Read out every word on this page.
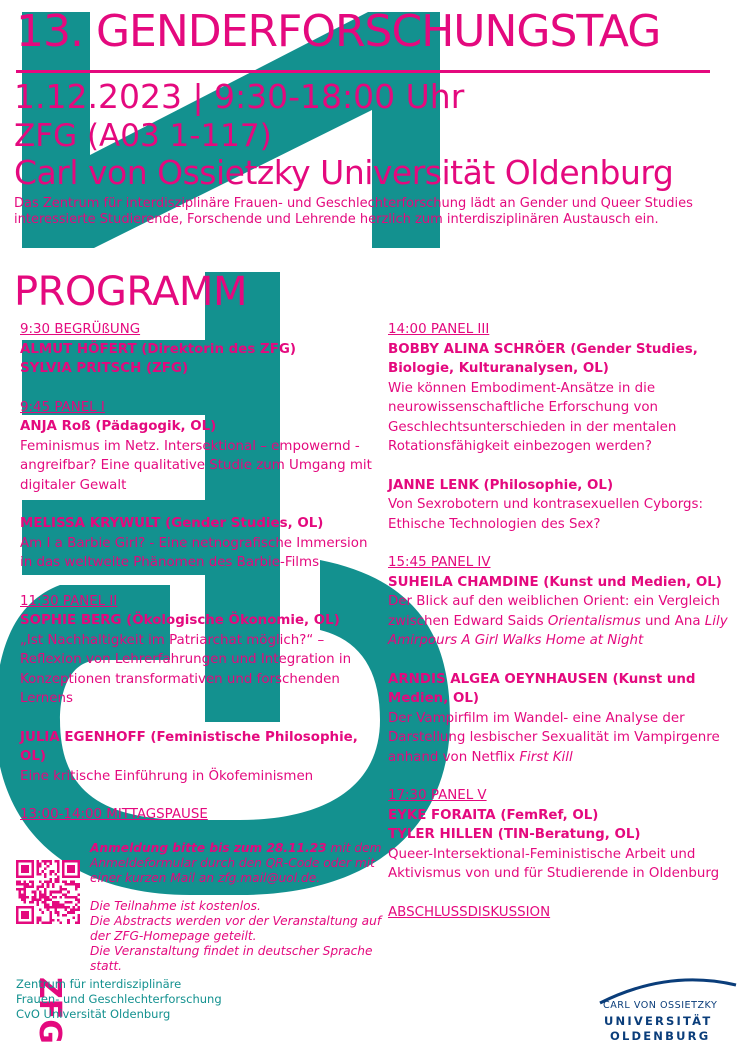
13. GENDERFORSCHUNGSTAG
1.12.2023 | 9:30-18:00 Uhr
ZFG (A03 1-117)
Carl von Ossietzky Universität Oldenburg
Das Zentrum für interdisziplinäre Frauen- und Geschlechterforschung lädt an Gender und Queer Studies interessierte Studierende, Forschende und Lehrende herzlich zum interdisziplinären Austausch ein.
PROGRAMM
9:30 BEGRÜßUNG
ALMUT HÖFERT (Direktorin des ZFG)
SYLVIA PRITSCH (ZFG)
9:45 PANEL I
ANJA Roß (Pädagogik, OL)
Feminismus im Netz. Intersektional – empowernd - angreifbar? Eine qualitative Studie zum Umgang mit digitaler Gewalt
MELISSA KRYWULT (Gender Studies, OL)
Am I a Barbie Girl? - Eine netnografische Immersion in das weltweite Phänomen des Barbie-Films
11:30 PANEL II
SOPHIE BERG (Ökologische Ökonomie, OL)
„Ist Nachhaltigkeit im Patriarchat möglich?“ – Reflexion von Lehrerfahrungen und Integration in Konzeptionen transformativen und forschenden Lernens
JULIA EGENHOFF (Feministische Philosophie, OL)
Eine kritische Einführung in Ökofeminismen
13:00-14:00 MITTAGSPAUSE
14:00 PANEL III
BOBBY ALINA SCHRÖER (Gender Studies, Biologie, Kulturanalysen, OL)
Wie können Embodiment-Ansätze in die neurowissenschaftliche Erforschung von Geschlechtsunterschieden in der mentalen Rotationsfähigkeit einbezogen werden?
JANNE LENK (Philosophie, OL)
Von Sexrobotern und kontrasexuellen Cyborgs: Ethische Technologien des Sex?
15:45 PANEL IV
SUHEILA CHAMDINE (Kunst und Medien, OL)
Der Blick auf den weiblichen Orient: ein Vergleich zwischen Edward Saids Orientalismus und Ana Lily Amirpours A Girl Walks Home at Night
ARNDIS ALGEA OEYNHAUSEN (Kunst und Medien, OL)
Der Vampirfilm im Wandel- eine Analyse der Darstellung lesbischer Sexualität im Vampirgenre anhand von Netflix First Kill
17:30 PANEL V
EYKE FORAITA (FemRef, OL)
TYLER HILLEN (TIN-Beratung, OL)
Queer-Intersektional-Feministische Arbeit und Aktivismus von und für Studierende in Oldenburg
ABSCHLUSSDISKUSSION
Anmeldung bitte bis zum 28.11.23 mit dem Anmeldeformular durch den QR-Code oder mit einer kurzen Mail an zfg.mail@uol.de.
Die Teilnahme ist kostenlos.
Die Abstracts werden vor der Veranstaltung auf der ZFG-Homepage geteilt.
Die Veranstaltung findet in deutscher Sprache statt.
ZFG
Zentrum für interdisziplinäre
Frauen- und Geschlechterforschung
CvO Universität Oldenburg
CARL VON OSSIETZKY
UNIVERSITÄT
OLDENBURG
